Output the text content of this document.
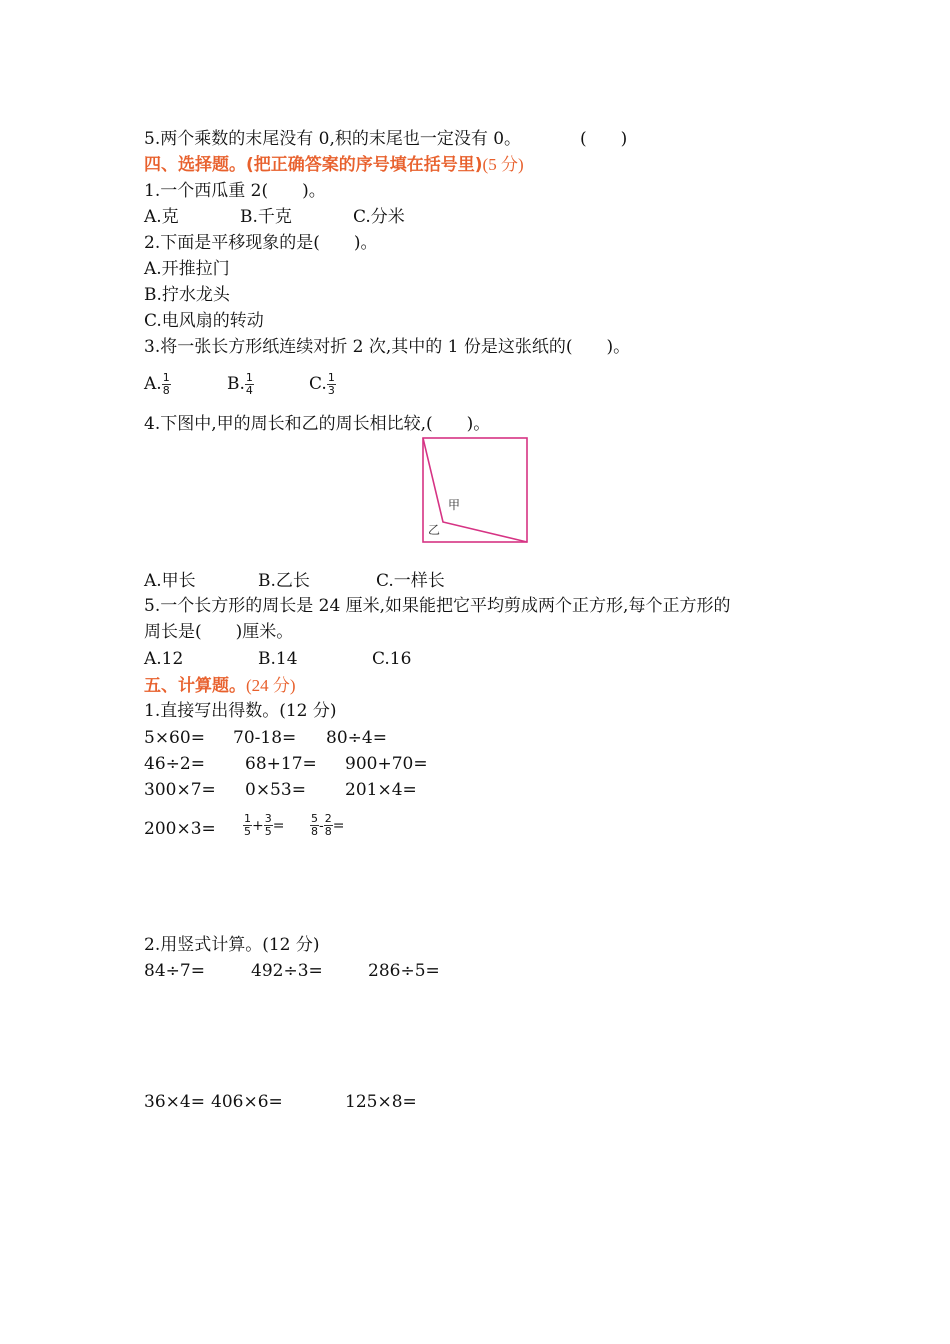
5.两个乘数的末尾没有 0,积的末尾也一定没有 0。	(　　)
四、选择题。(把正确答案的序号填在括号里)(5 分)
1.一个西瓜重 2(　　)。
A.克	B.千克	C.分米
2.下面是平移现象的是(　　)。
A.开推拉门
B.拧水龙头
C.电风扇的转动
3.将一张长方形纸连续对折 2 次,其中的 1 份是这张纸的(　　)。
A. $\frac{1}{8}$	B. $\frac{1}{4}$	C. $\frac{1}{3}$
4.下图中,甲的周长和乙的周长相比较,(　　)。
甲
乙
A.甲长	B.乙长	C.一样长
5.一个长方形的周长是 24 厘米,如果能把它平均剪成两个正方形,每个正方形的
周长是(　　)厘米。
A.12	B.14	C.16
五、计算题。(24 分)
1.直接写出得数。(12 分)
5×60= 70-18= 80÷4=
46÷2= 68+17= 900+70=
300×7= 0×53= 201×4=
$200\times 3= \frac{1}{5} + \frac{3}{5} = \frac{5}{8} - \frac{2}{8}$ =
2.用竖式计算。(12 分)
84÷7=	492÷3=	286÷5=
36×4= 406×6=	125×8=
